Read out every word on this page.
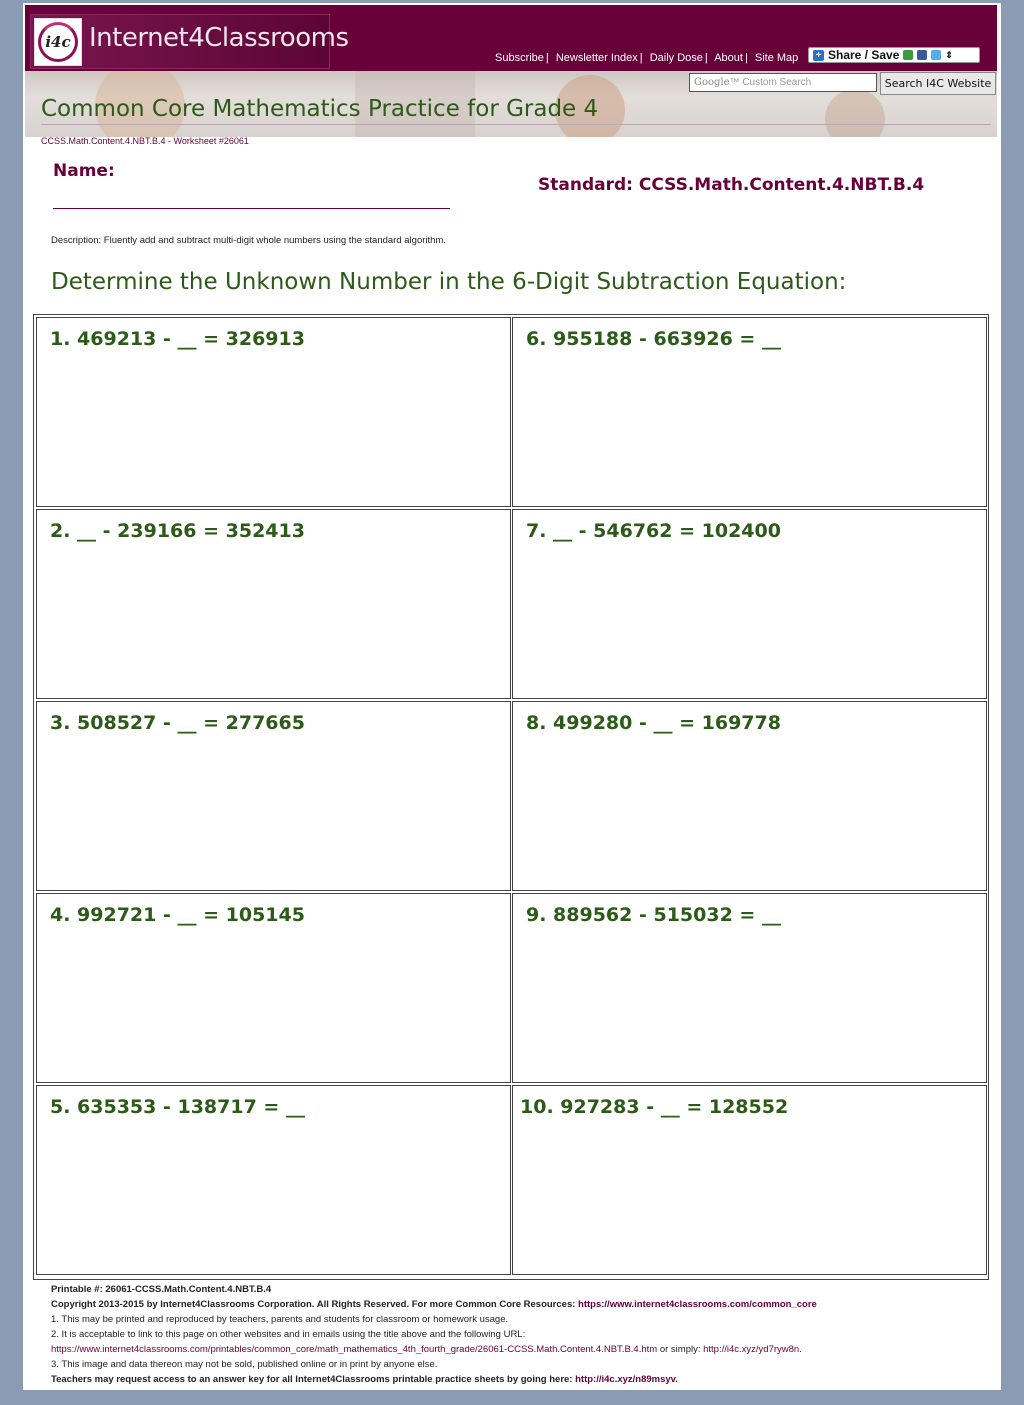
i4c Internet4Classrooms
Subscribe | Newsletter Index | Daily Dose | About | Site Map + Share / Save	⇕
Google™ Custom Search	Search I4C Website
Common Core Mathematics Practice for Grade 4
CCSS.Math.Content.4.NBT.B.4 - Worksheet #26061
Name:
Standard: CCSS.Math.Content.4.NBT.B.4
Description: Fluently add and subtract multi-digit whole numbers using the standard algorithm.
Determine the Unknown Number in the 6-Digit Subtraction Equation:
1. 469213 - __ = 326913	6. 955188 - 663926 = __
2. __ - 239166 = 352413	7. __ - 546762 = 102400
3. 508527 - __ = 277665	8. 499280 - __ = 169778
4. 992721 - __ = 105145	9. 889562 - 515032 = __
5. 635353 - 138717 = __	10. 927283 - __ = 128552
Printable #: 26061-CCSS.Math.Content.4.NBT.B.4
Copyright 2013-2015 by Internet4Classrooms Corporation. All Rights Reserved. For more Common Core Resources: https://www.internet4classrooms.com/common_core
1. This may be printed and reproduced by teachers, parents and students for classroom or homework usage.
2. It is acceptable to link to this page on other websites and in emails using the title above and the following URL:
https://www.internet4classrooms.com/printables/common_core/math_mathematics_4th_fourth_grade/26061-CCSS.Math.Content.4.NBT.B.4.htm or simply: http://i4c.xyz/yd7ryw8n.
3. This image and data thereon may not be sold, published online or in print by anyone else.
Teachers may request access to an answer key for all Internet4Classrooms printable practice sheets by going here: http://i4c.xyz/n89msyv.
